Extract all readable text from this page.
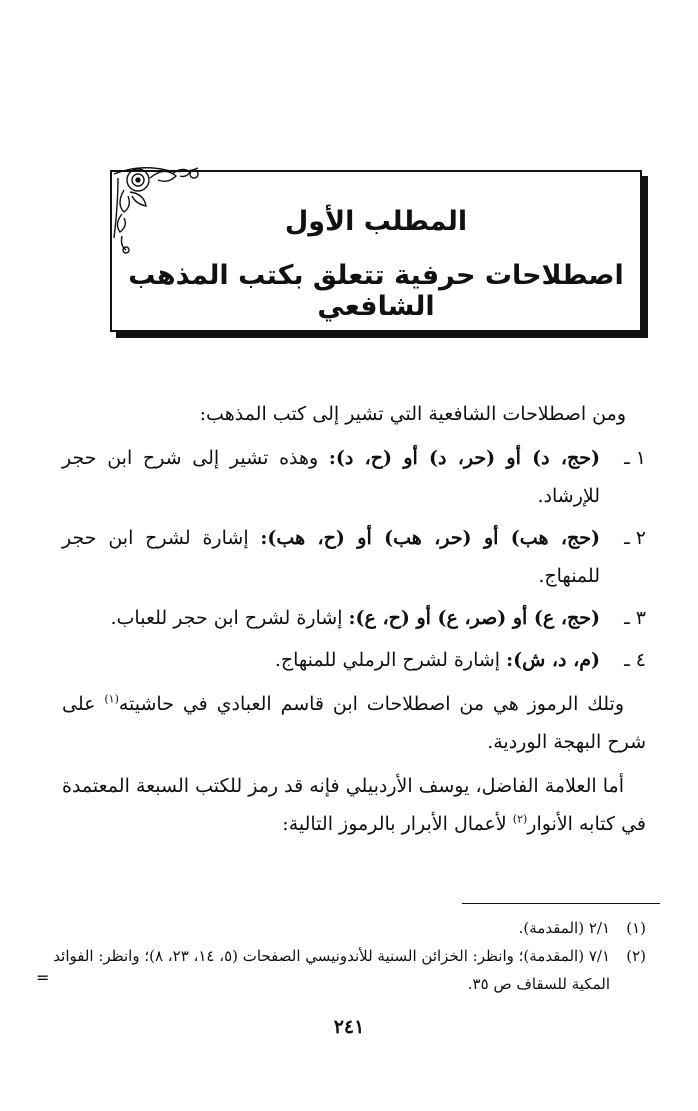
المطلب الأول
اصطلاحات حرفية تتعلق بكتب المذهب الشافعي

ومن اصطلاحات الشافعية التي تشير إلى كتب المذهب:

١ ـ
(حج، د) أو (حر، د) أو (ح، د): وهذه تشير إلى شرح ابن حجر للإرشاد.
٢ ـ
(حج، هب) أو (حر، هب) أو (ح، هب): إشارة لشرح ابن حجر للمنهاج.
٣ ـ
(حج، ع) أو (صر، ع) أو (ح، ع): إشارة لشرح ابن حجر للعباب.
٤ ـ
(م، د، ش): إشارة لشرح الرملي للمنهاج.

وتلك الرموز هي من اصطلاحات ابن قاسم العبادي في حاشيته$^{(١)}$ على شرح البهجة الوردية.

أما العلامة الفاضل، يوسف الأردبيلي فإنه قد رمز للكتب السبعة المعتمدة في كتابه الأنوار$^{(٢)}$ لأعمال الأبرار بالرموز التالية:

(١)
٢/١ (المقدمة).
(٢)
٧/١ (المقدمة)؛ وانظر: الخزائن السنية للأندونيسي الصفحات (٥، ١٤، ٢٣، ٨)؛ وانظر: الفوائد المكية للسقاف ص ٣٥.
=
٢٤١
